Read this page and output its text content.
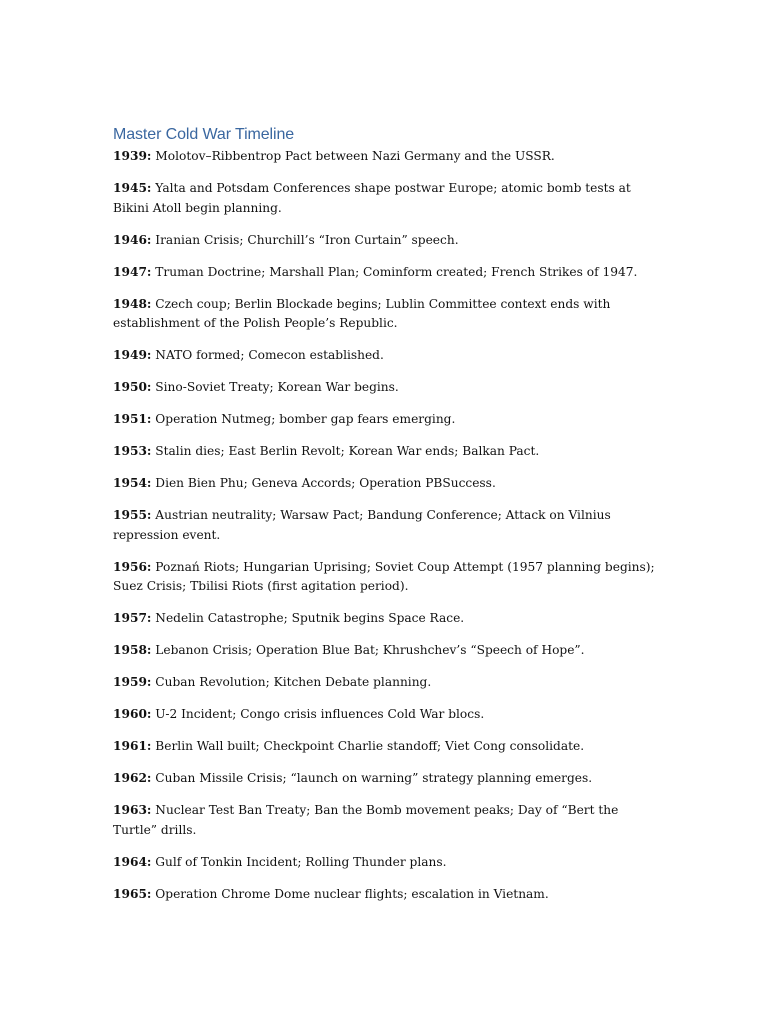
Master Cold War Timeline

1939: Molotov–Ribbentrop Pact between Nazi Germany and the USSR.

1945: Yalta and Potsdam Conferences shape postwar Europe; atomic bomb tests at Bikini Atoll begin planning.

1946: Iranian Crisis; Churchill’s “Iron Curtain” speech.

1947: Truman Doctrine; Marshall Plan; Cominform created; French Strikes of 1947.

1948: Czech coup; Berlin Blockade begins; Lublin Committee context ends with establishment of the Polish People’s Republic.

1949: NATO formed; Comecon established.

1950: Sino-Soviet Treaty; Korean War begins.

1951: Operation Nutmeg; bomber gap fears emerging.

1953: Stalin dies; East Berlin Revolt; Korean War ends; Balkan Pact.

1954: Dien Bien Phu; Geneva Accords; Operation PBSuccess.

1955: Austrian neutrality; Warsaw Pact; Bandung Conference; Attack on Vilnius repression event.

1956: Poznań Riots; Hungarian Uprising; Soviet Coup Attempt (1957 planning begins); Suez Crisis; Tbilisi Riots (first agitation period).

1957: Nedelin Catastrophe; Sputnik begins Space Race.

1958: Lebanon Crisis; Operation Blue Bat; Khrushchev’s “Speech of Hope”.

1959: Cuban Revolution; Kitchen Debate planning.

1960: U-2 Incident; Congo crisis influences Cold War blocs.

1961: Berlin Wall built; Checkpoint Charlie standoff; Viet Cong consolidate.

1962: Cuban Missile Crisis; “launch on warning” strategy planning emerges.

1963: Nuclear Test Ban Treaty; Ban the Bomb movement peaks; Day of “Bert the Turtle” drills.

1964: Gulf of Tonkin Incident; Rolling Thunder plans.

1965: Operation Chrome Dome nuclear flights; escalation in Vietnam.
